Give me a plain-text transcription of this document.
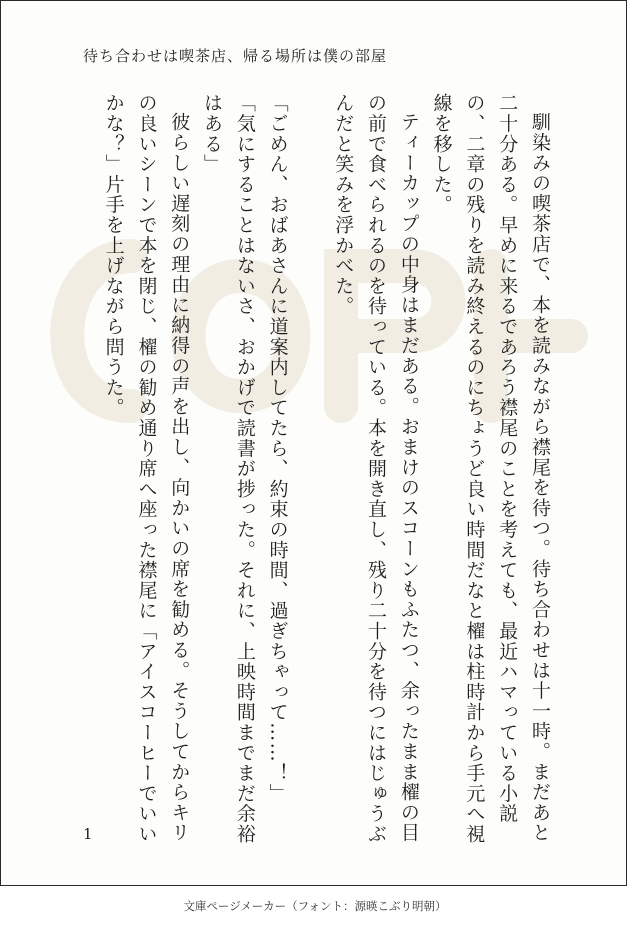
待ち合わせは喫茶店、帰る場所は僕の部屋

馴染みの喫茶店で、本を読みながら襟尾を待つ。待ち合わせは十一時。まだあと二十分ある。早めに来るであろう襟尾のことを考えても、最近ハマっている小説の、二章の残りを読み終えるのにちょうど良い時間だなと櫂は柱時計から手元へ視線を移した。

ティーカップの中身はまだある。おまけのスコーンもふたつ、余ったまま櫂の目の前で食べられるのを待っている。本を開き直し、残り二十分を待つにはじゅうぶんだと笑みを浮かべた。

「ごめん、おばあさんに道案内してたら、約束の時間、過ぎちゃって……！」

「気にすることはないさ、おかげで読書が捗った。それに、上映時間までまだ余裕はある」

彼らしい遅刻の理由に納得の声を出し、向かいの席を勧める。そうしてからキリの良いシーンで本を閉じ、櫂の勧め通り席へ座った襟尾に「アイスコーヒーでいいかな？」片手を上げながら問うた。

1
文庫ページメーカー（フォント：源暎こぶり明朝）
